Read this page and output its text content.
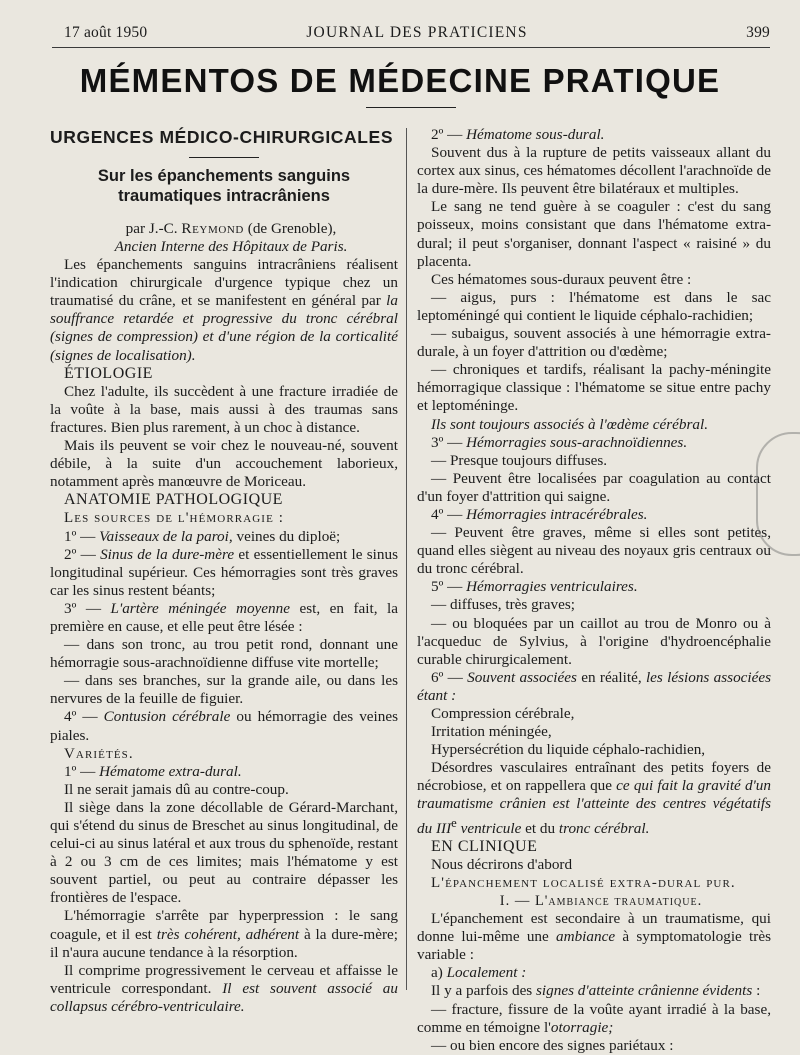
17 août 1950	JOURNAL DES PRATICIENS	399
MÉMENTOS DE MÉDECINE PRATIQUE
URGENCES MÉDICO-CHIRURGICALES
Sur les épanchements sanguins traumatiques intracrâniens

par J.-C. Reymond (de Grenoble),

Ancien Interne des Hôpitaux de Paris.

Les épanchements sanguins intracrâniens réalisent l'indication chirurgicale d'urgence typique chez un traumatisé du crâne, et se manifestent en général par la souffrance retardée et progressive du tronc cérébral (signes de compression) et d'une région de la corticalité (signes de localisation).

ÉTIOLOGIE

Chez l'adulte, ils succèdent à une fracture irradiée de la voûte à la base, mais aussi à des traumas sans fractures. Bien plus rarement, à un choc à distance.

Mais ils peuvent se voir chez le nouveau-né, souvent débile, à la suite d'un accouchement laborieux, notamment après manœuvre de Moriceau.

ANATOMIE PATHOLOGIQUE

Les sources de l'hémorragie :

1º — Vaisseaux de la paroi, veines du diploë;

2º — Sinus de la dure-mère et essentiellement le sinus longitudinal supérieur. Ces hémorragies sont très graves car les sinus restent béants;

3º — L'artère méningée moyenne est, en fait, la première en cause, et elle peut être lésée :

— dans son tronc, au trou petit rond, donnant une hémorragie sous-arachnoïdienne diffuse vite mortelle;

— dans ses branches, sur la grande aile, ou dans les nervures de la feuille de figuier.

4º — Contusion cérébrale ou hémorragie des veines piales.

Variétés.

1º — Hématome extra-dural.

Il ne serait jamais dû au contre-coup.

Il siège dans la zone décollable de Gérard-Marchant, qui s'étend du sinus de Breschet au sinus longitudinal, de celui-ci au sinus latéral et aux trous du sphenoïde, restant à 2 ou 3 cm de ces limites; mais l'hématome y est souvent partiel, ou peut au contraire dépasser les frontières de l'espace.

L'hémorragie s'arrête par hyperpression : le sang coagule, et il est très cohérent, adhérent à la dure-mère; il n'aura aucune tendance à la résorption.

Il comprime progressivement le cerveau et affaisse le ventricule correspondant. Il est souvent associé au collapsus cérébro-ventriculaire.

2º — Hématome sous-dural.

Souvent dus à la rupture de petits vaisseaux allant du cortex aux sinus, ces hématomes décollent l'arachnoïde de la dure-mère. Ils peuvent être bilatéraux et multiples.

Le sang ne tend guère à se coaguler : c'est du sang poisseux, moins consistant que dans l'hématome extra-dural; il peut s'organiser, donnant l'aspect « raisiné » du placenta.

Ces hématomes sous-duraux peuvent être :

— aigus, purs : l'hématome est dans le sac leptoméningé qui contient le liquide céphalo-rachidien;

— subaigus, souvent associés à une hémorragie extra-durale, à un foyer d'attrition ou d'œdème;

— chroniques et tardifs, réalisant la pachy-méningite hémorragique classique : l'hématome se situe entre pachy et leptoméninge.

Ils sont toujours associés à l'œdème cérébral.

3º — Hémorragies sous-arachnoïdiennes.

— Presque toujours diffuses.

— Peuvent être localisées par coagulation au contact d'un foyer d'attrition qui saigne.

4º — Hémorragies intracérébrales.

— Peuvent être graves, même si elles sont petites, quand elles siègent au niveau des noyaux gris centraux ou du tronc cérébral.

5º — Hémorragies ventriculaires.

— diffuses, très graves;

— ou bloquées par un caillot au trou de Monro ou à l'acqueduc de Sylvius, à l'origine d'hydroencéphalie curable chirurgicalement.

6º — Souvent associées en réalité, les lésions associées étant :

Compression cérébrale,

Irritation méningée,

Hypersécrétion du liquide céphalo-rachidien,

Désordres vasculaires entraînant des petits foyers de nécrobiose, et on rappellera que ce qui fait la gravité d'un traumatisme crânien est l'atteinte des centres végétatifs du IIIe ventricule et du tronc cérébral.

EN CLINIQUE

Nous décrirons d'abord

L'épanchement localisé extra-dural pur.

I. — L'ambiance traumatique.

L'épanchement est secondaire à un traumatisme, qui donne lui-même une ambiance à symptomatologie très variable :

a) Localement :

Il y a parfois des signes d'atteinte crânienne évidents :

— fracture, fissure de la voûte ayant irradié à la base, comme en témoigne l'otorragie;

— ou bien encore des signes pariétaux :
